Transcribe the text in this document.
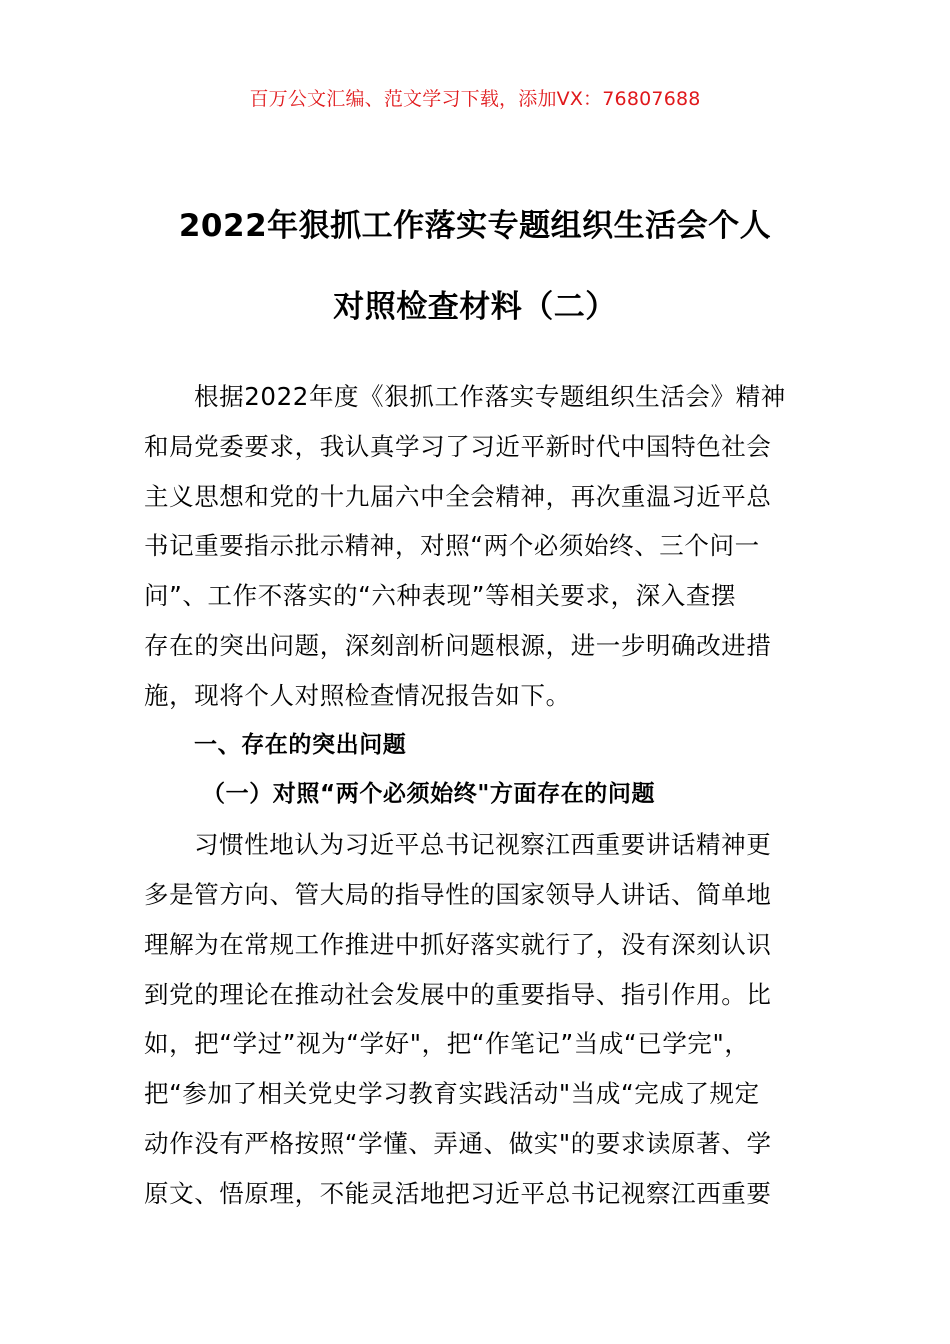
百万公文汇编、范文学习下载，添加VX：76807688
2022年狠抓工作落实专题组织生活会个人
对照检查材料（二）
根据2022年度《狠抓工作落实专题组织生活会》精神
和局党委要求，我认真学习了习近平新时代中国特色社会
主义思想和党的十九届六中全会精神，再次重温习近平总
书记重要指示批示精神，对照“两个必须始终、三个问一
问”、工作不落实的“六种表现”等相关要求，深入查摆
存在的突出问题，深刻剖析问题根源，进一步明确改进措
施，现将个人对照检查情况报告如下。
一、存在的突出问题
（一）对照“两个必须始终"方面存在的问题
习惯性地认为习近平总书记视察江西重要讲话精神更
多是管方向、管大局的指导性的国家领导人讲话、简单地
理解为在常规工作推进中抓好落实就行了，没有深刻认识
到党的理论在推动社会发展中的重要指导、指引作用。比
如，把“学过”视为“学好"，把“作笔记”当成“已学完"，
把“参加了相关党史学习教育实践活动"当成“完成了规定
动作没有严格按照“学懂、弄通、做实"的要求读原著、学
原文、悟原理，不能灵活地把习近平总书记视察江西重要
